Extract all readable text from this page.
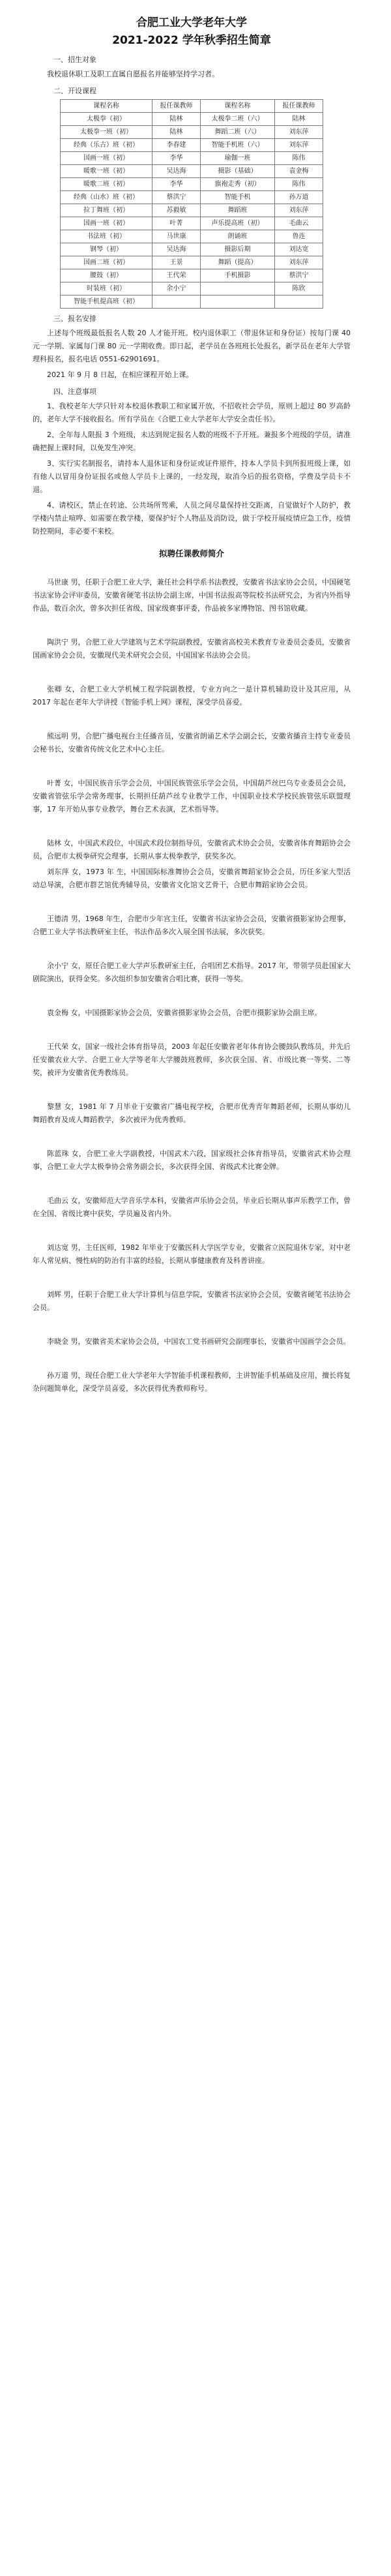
合肥工业大学老年大学
2021-2022 学年秋季招生简章
一、招生对象
我校退休职工及职工直属自愿报名并能够坚持学习者。
二、开设课程
课程名称	报任课教师	课程名称	报任课教师
太极拳（初）	陆林	太极拳二班（六）	陆林
太极拳一班（初）	陆林	舞蹈二班（六）	刘东萍
经典（乐古）班（初）	李春建	智能手机班（六）	刘东萍
国画一班（初）	李华	瑜伽一班	陈伟
暖歌一班（初）	吴达海	摄影（基础）	袁金梅
暖歌二班（初）	李华	旗袍走秀（初）	陈伟
经典（山水）班（初）	蔡洪宁	智能手机	孙万道
拉丁舞班（初）	苏毅敏	舞蹈班	刘东萍
国画一班（初）	叶菁	声乐提高班（初）	毛曲云
书法班（初）	马世康	朗诵班	鲁连
钢琴（初）	吴达海	摄影后期	刘达宽
国画二班（初）	王景	舞蹈（提高）	刘东萍
腰鼓（初）	王代荣	手机摄影	蔡洪宁
时装班（初）	余小宁		陈欣
智能手机提高班（初）			
三、报名安排
上述每个班级最低报名人数 20 人才能开班。校内退休职工（带退休证和身份证）按每门课 40 元一学期、家属每门课 80 元一学期收费。即日起，老学员在各班班长处报名，新学员在老年大学管理科报名，报名电话 0551-62901691。
2021 年 9 月 8 日起，在相应课程开始上课。
四、注意事项
1、我校老年大学只针对本校退休教职工和家属开放，不招收社会学员，原则上超过 80 岁高龄的，老年大学不接收报名。所有学员在《合肥工业大学老年大学安全责任书》。
2、全年每人限报 3 个班级，未达到规定报名人数的班级不予开班。兼报多个班级的学员，请准确把握上课时间，以免发生冲突。
3、实行实名制报名，请持本人退休证和身份证或证件原件，持本人学员卡到所报班级上课，如有他人以冒用身份证报名或他人学员卡上课的，一经发现，取消今后的报名资格，学费及学员卡不退。
4、请校区，禁止在转途、公共场所驾乘，人员之间尽量保持社交距离，自觉做好个人防护，教学楼内禁止喧哗、如需要在教学楼，要保护好个人物品及消防设，做于学校开展疫情应急工作，疫情防控期间，非必要不来校。
拟聘任课教师简介
马世康 男，任职于合肥工业大学，兼任社会科学系书法教授，安徽省书法家协会会员，中国硬笔书法家协会评审委员，安徽省硬笔书法协会副主席，中国书法报高等院校书法研究会，为省内外指导作品，数百余次，曾多次担任省级、国家级赛事评委，作品被多家博物馆、图书馆收藏。
陶洪宁 男，合肥工业大学建筑与艺术学院副教授，安徽省高校美术教育专业委员会委员，安徽省国画家协会会员，安徽现代美术研究会会员，中国国家书法协会会员。
张卿 女，合肥工业大学机械工程学院副教授，专业方向之一是计算机辅助设计及其应用，从 2017 年起在老年大学讲授《智能手机上网》课程，深受学员喜爱。
熊远明 男，合肥广播电视台主任播音员，安徽省朗诵艺术学会副会长，安徽省播音主持专业委员会秘书长，安徽省传统文化艺术中心主任。
叶菁 女，中国民族音乐学会会员，中国民族管弦乐学会会员，中国葫芦丝巴乌专业委员会会员，安徽省管弦乐学会常务理事，长期担任葫芦丝专业教学工作，中国职业技术学校民族管弦乐联盟理事，17 年开始从事专业教学，舞台艺术表演，艺术指导等。
陆林 女，中国武术段位，中国武术段位制指导员，安徽省武术协会会员，安徽省体育舞蹈协会会员，合肥市太极拳研究会理事，长期从事太极拳教学，获奖多次。
刘东萍 女，1973 年 生，中国国际标准舞协会会员，安徽省舞蹈家协会会员，历任多家大型活动总导演，合肥市群艺馆优秀辅导员，安徽省文化馆文艺骨干，合肥市舞蹈家协会会员。
王德清 男，1968 年生，合肥市少年宫主任，安徽省书法家协会会员，安徽省摄影家协会理事，合肥工业大学书法教研室主任，书法作品多次入展全国书法展，多次获奖。
余小宁 女，原任合肥工业大学声乐教研室主任，合唱团艺术指导。2017 年，带领学员赴国家大剧院演出，获得金奖。多次组织参加安徽省合唱比赛，获得一等奖。
袁金梅 女，中国摄影家协会会员，安徽省摄影家协会会员，合肥市摄影家协会副主席。
王代荣 女，国家一级社会体育指导员，2003 年起任安徽省老年体育协会腰鼓队教练员，并先后任安徽农业大学、合肥工业大学等老年大学腰鼓班教师，多次获全国、省、市级比赛一等奖、二等奖，被评为安徽省优秀教练员。
黎慧 女，1981 年 7 月毕业于安徽省广播电视学校，合肥市优秀青年舞蹈老师，长期从事幼儿舞蹈教育及成人舞蹈教学，多次被评为优秀教师。
陈蓝珠 女，合肥工业大学副教授，中国武术六段，国家级社会体育指导员，安徽省武术协会理事，合肥工业大学太极拳协会常务副会长，多次获得全国、省级武术比赛金牌。
毛曲云 女，安徽师范大学音乐学本科，安徽省声乐协会会员，毕业后长期从事声乐教学工作，曾在全国、省级比赛中获奖，学员遍及省内外。
刘达宽 男，主任医师，1982 年毕业于安徽医科大学医学专业，安徽省立医院退休专家，对中老年人常见病、慢性病的防治有丰富的经验，长期从事健康教育及科普讲座。
刘辉 男，任职于合肥工业大学计算机与信息学院，安徽省书法家协会会员，安徽省硬笔书法协会会员。
李晓金 男，安徽省美术家协会会员，中国农工党书画研究会副理事长，安徽省中国画学会会员。
孙万道 男，现任合肥工业大学老年大学智能手机课程教师，主讲智能手机基础及应用，擅长将复杂问题简单化，深受学员喜爱，多次获得优秀教师称号。
